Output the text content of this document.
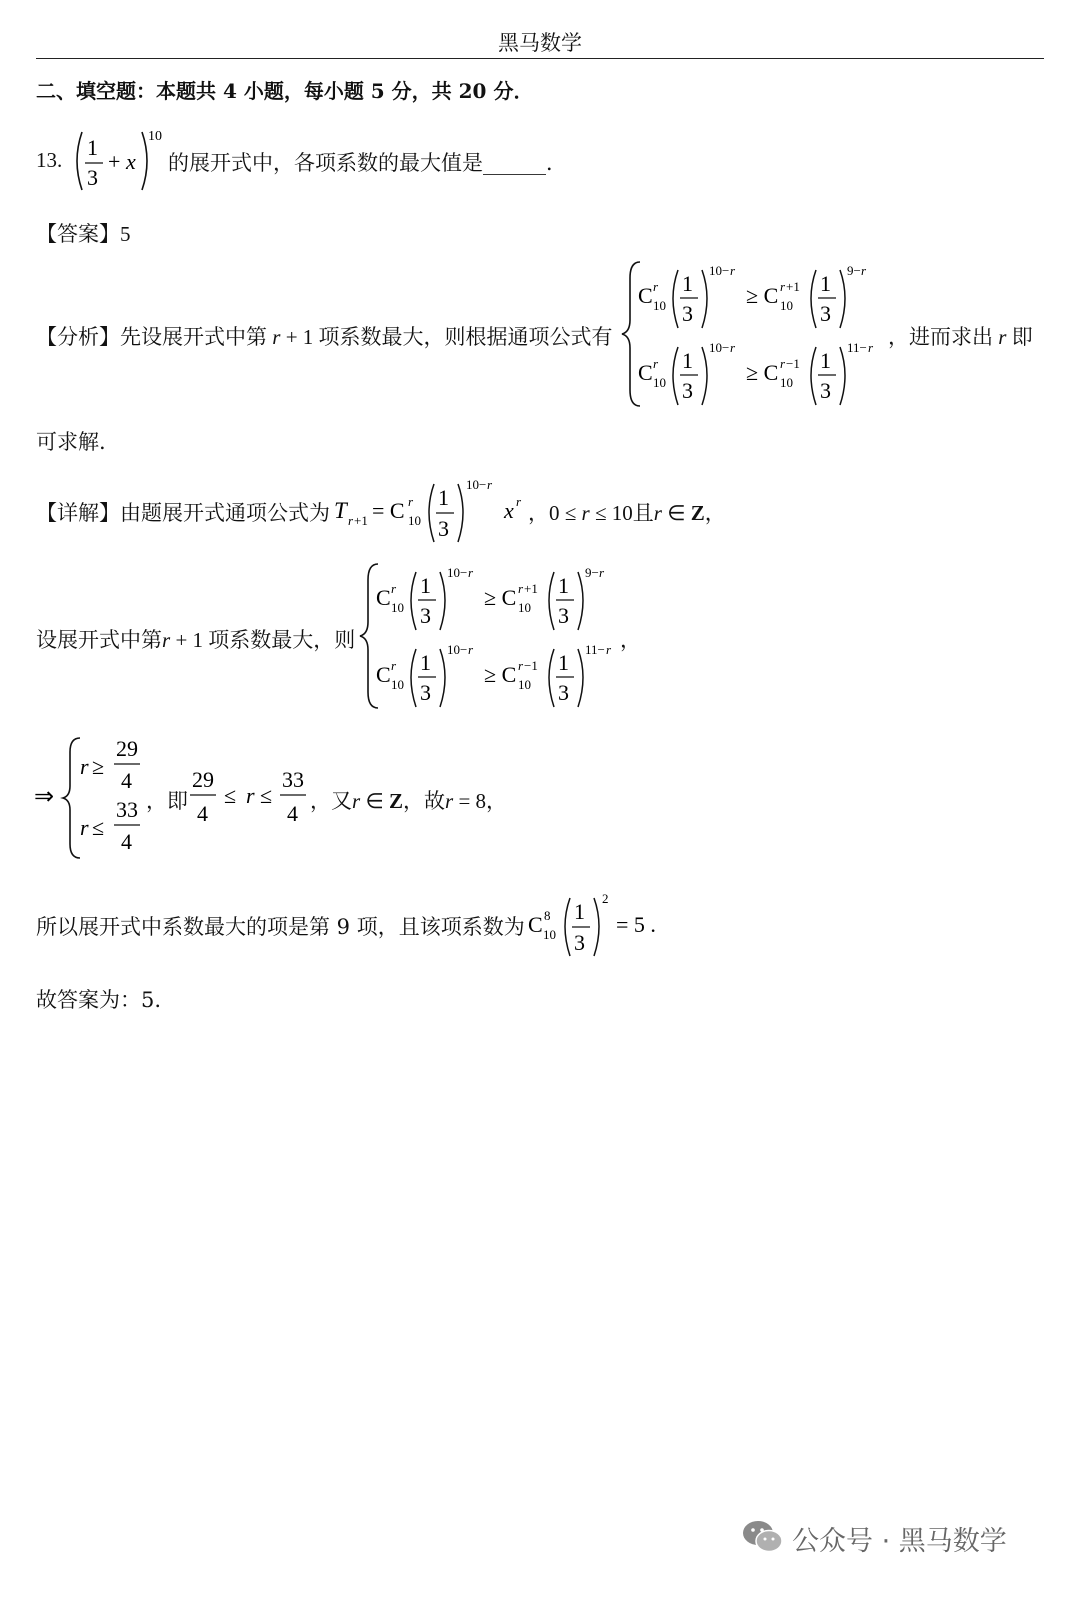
黑马数学
二、填空题：本题共 4 小题，每小题 5 分，共 20 分．
13. 1
3
+ x
10
的展开式中，各项系数的最大值是______．
【答案】5
【分析】先设展开式中第 r + 1 项系数最大，则根据通项公式有
C r
10
1
3
10− r
≥ C r +1
10
1
3
9− r
C r
10
1
3
10− r
≥ C r −1
10
1
3
11− r ，进而求出 r 即
可求解.
【详解】由题展开式通项公式为 T r +1 = C r
10
1
3
10− r
x r ，0 ≤ r ≤ 10且r ∈ Z，
设展开式中第r + 1 项系数最大，则
C r
10
1
3
10− r
≥ C r +1
10
1
3
9− r
C r
10
1
3
10− r
≥ C r −1
10
1
3
11− r ，
⇒
r ≥
29
4
r ≤
33
4
，即
29
4
≤ r ≤
33
4 ，又r ∈ Z，故r = 8，
所以展开式中系数最大的项是第 9 项，且该项系数为 C 8
10
1
3
2
= 5 .
故答案为：5.
公众号 · 黑马数学
